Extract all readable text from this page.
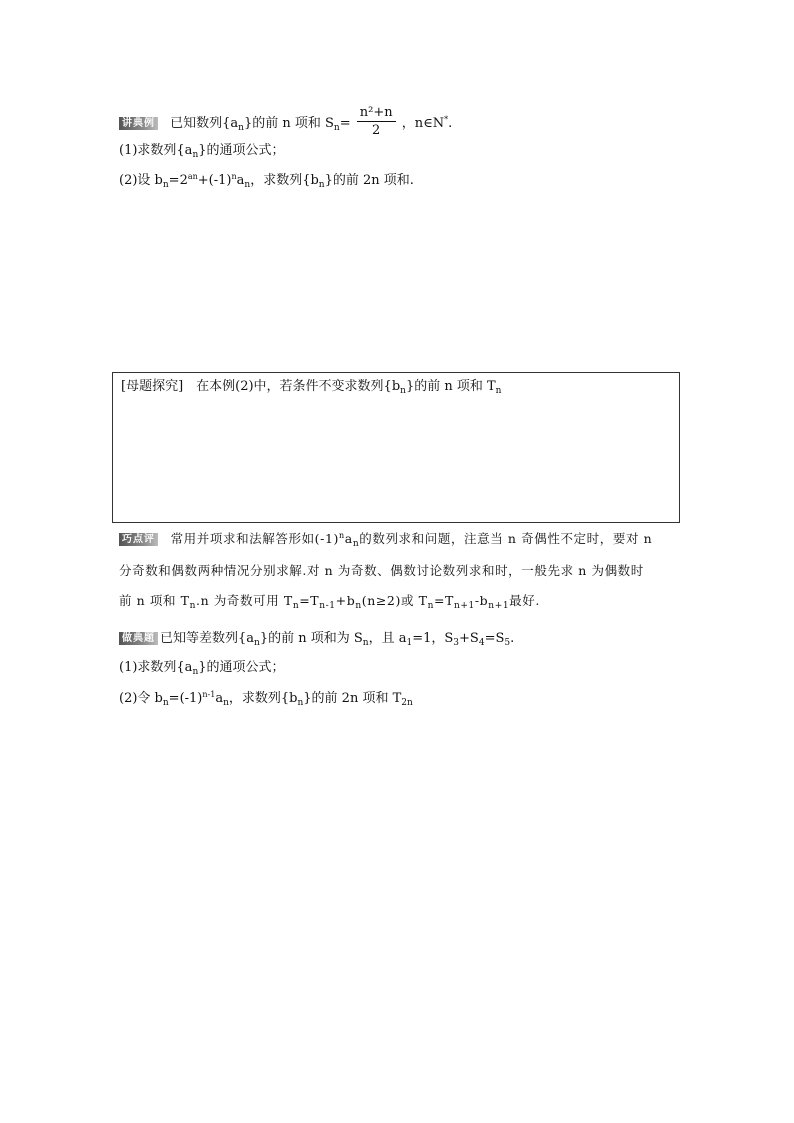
讲典例 已知数列$\{a_n\}$的前 n 项和 $S_n= \frac{\text{n²+n}}{2}$ ，n∈N*.
(1)求数列$\{a_n\}$的通项公式；
(2)设 $b_n=2^{an}+(-1)^na_n$，求数列$\{b_n\}$的前 2n 项和.
[母题探究]　在本例(2)中，若条件不变求数列$\{b_n\}$的前 n 项和 $T_n$
巧点评 常用并项求和法解答形如$(-1)^na_n$的数列求和问题，注意当 n 奇偶性不定时，要对 n
分奇数和偶数两种情况分别求解.对 n 为奇数、偶数讨论数列求和时，一般先求 n 为偶数时
前 n 项和 $T_n.n$ 为奇数可用 $T_n=T_{n-1}+b_n(n\ge 2)$或 $T_n=T_{n+1}-b_{n+1}$最好.
做典题 已知等差数列$\{a_n\}$的前 n 项和为 $S_n$，且 $a_1=1$，$S_3+S_4=S_5$.
(1)求数列$\{a_n\}$的通项公式；
(2)令 $b_n=(-1)^{n-1}a_n$，求数列$\{b_n\}$的前 2n 项和 $T_{2n}$
